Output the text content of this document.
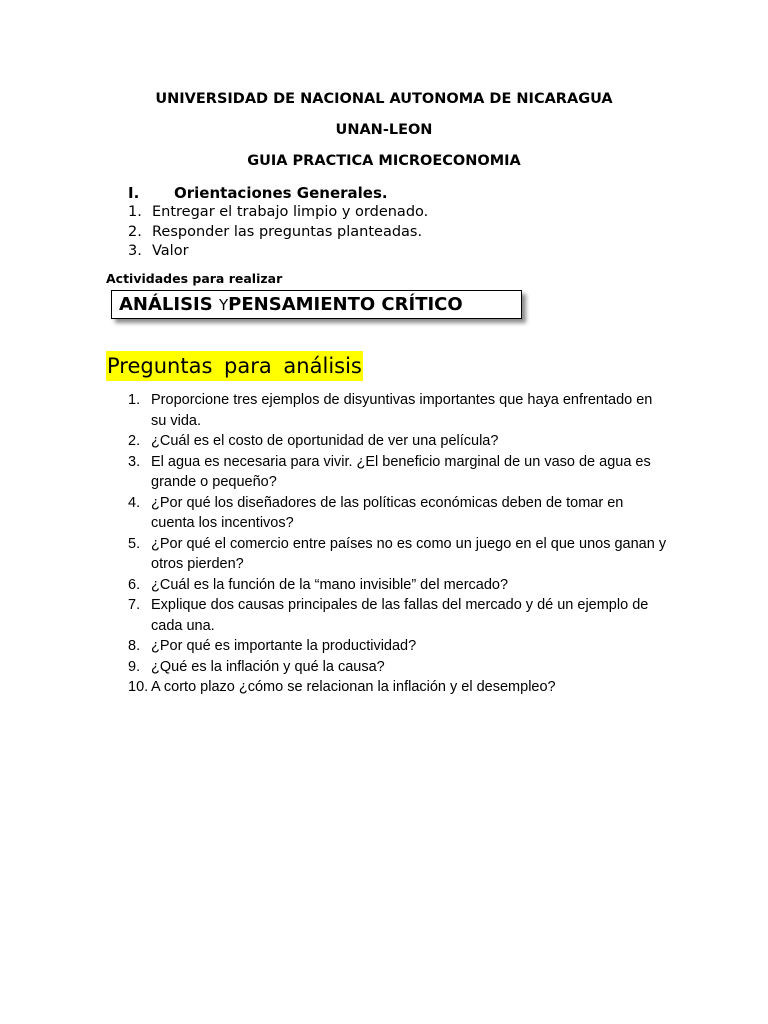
UNIVERSIDAD DE NACIONAL AUTONOMA DE NICARAGUA
UNAN-LEON
GUIA PRACTICA MICROECONOMIA
I. Orientaciones Generales.
1. Entregar el trabajo limpio y ordenado.
2. Responder las preguntas planteadas.
3. Valor
Actividades para realizar
ANÁLISIS YPENSAMIENTO CRÍTICO
Preguntas para análisis
1. Proporcione tres ejemplos de disyuntivas importantes que haya enfrentado en su vida.
2. ¿Cuál es el costo de oportunidad de ver una película?
3. El agua es necesaria para vivir. ¿El beneficio marginal de un vaso de agua es grande o pequeño?
4. ¿Por qué los diseñadores de las políticas económicas deben de tomar en cuenta los incentivos?
5. ¿Por qué el comercio entre países no es como un juego en el que unos ganan y otros pierden?
6. ¿Cuál es la función de la “mano invisible” del mercado?
7. Explique dos causas principales de las fallas del mercado y dé un ejemplo de cada una.
8. ¿Por qué es importante la productividad?
9. ¿Qué es la inflación y qué la causa?
10. A corto plazo ¿cómo se relacionan la inflación y el desempleo?
